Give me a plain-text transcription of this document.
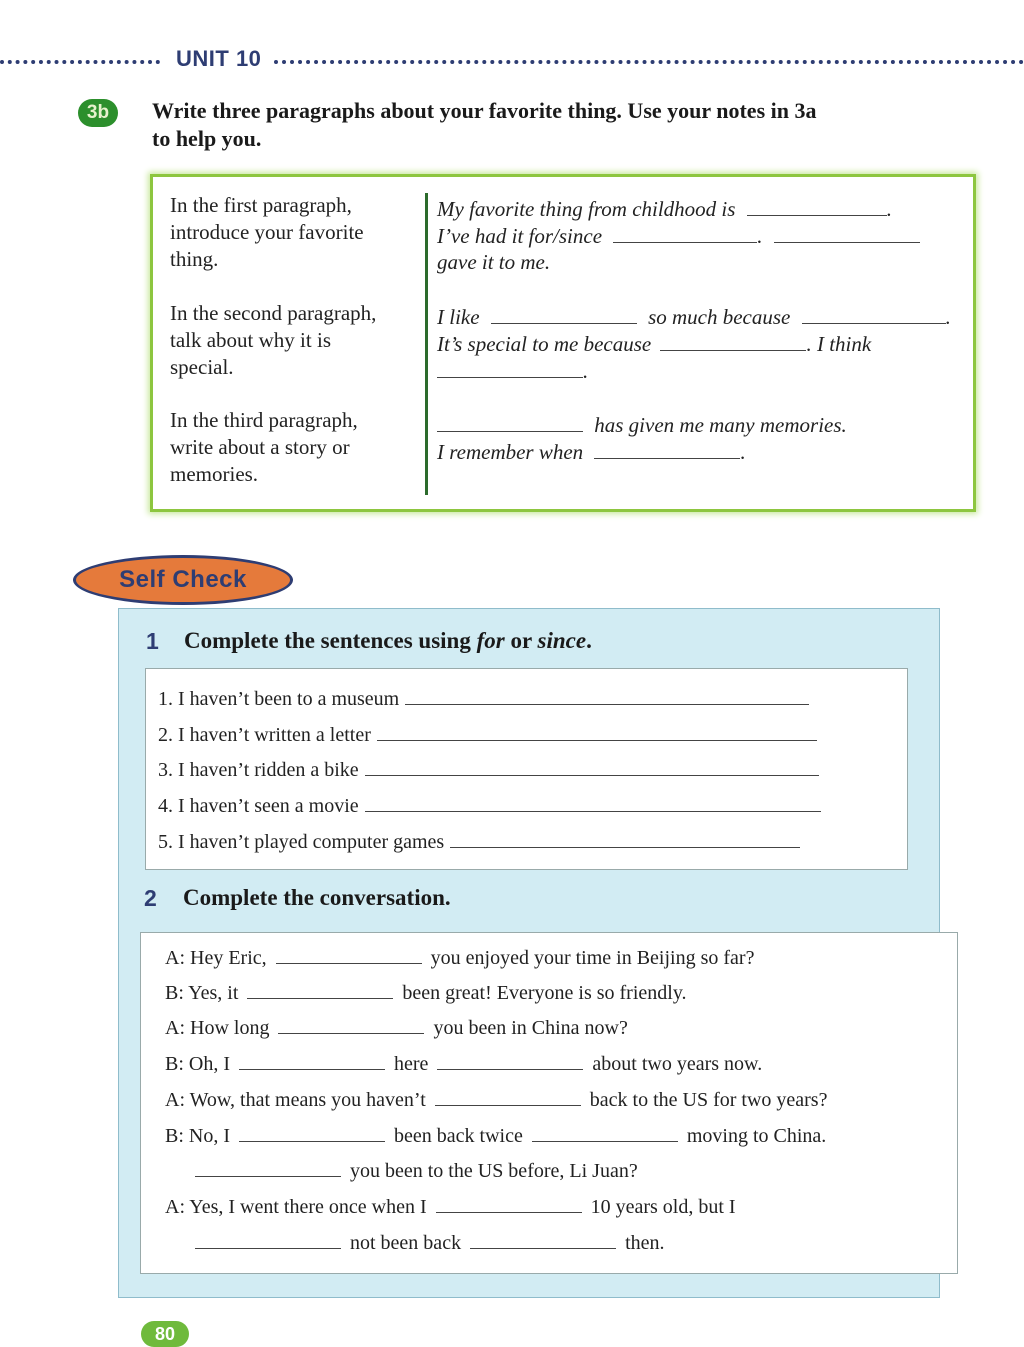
UNIT 10
3b	Write three paragraphs about your favorite thing. Use your notes in 3a
to help you.
In the first paragraph,
introduce your favorite
thing.
My favorite thing from childhood is	.
I’ve had it for/since	.
gave it to me.
In the second paragraph,
talk about why it is
special.
I like	so much because	.
It’s special to me because	. I think
.
In the third paragraph,
write about a story or
memories.
has given me many memories.
I remember when	.
Self Check
1 Complete the sentences using for or since.
1. I haven’t been to a museum
2. I haven’t written a letter
3. I haven’t ridden a bike
4. I haven’t seen a movie
5. I haven’t played computer games
2 Complete the conversation.
A: Hey Eric,	you enjoyed your time in Beijing so far?
B: Yes, it	been great! Everyone is so friendly.
A: How long	you been in China now?
B: Oh, I	here	about two years now.
A: Wow, that means you haven’t	back to the US for two years?
B: No, I	been back twice	moving to China.
you been to the US before, Li Juan?
A: Yes, I went there once when I	10 years old, but I
not been back	then.
80
